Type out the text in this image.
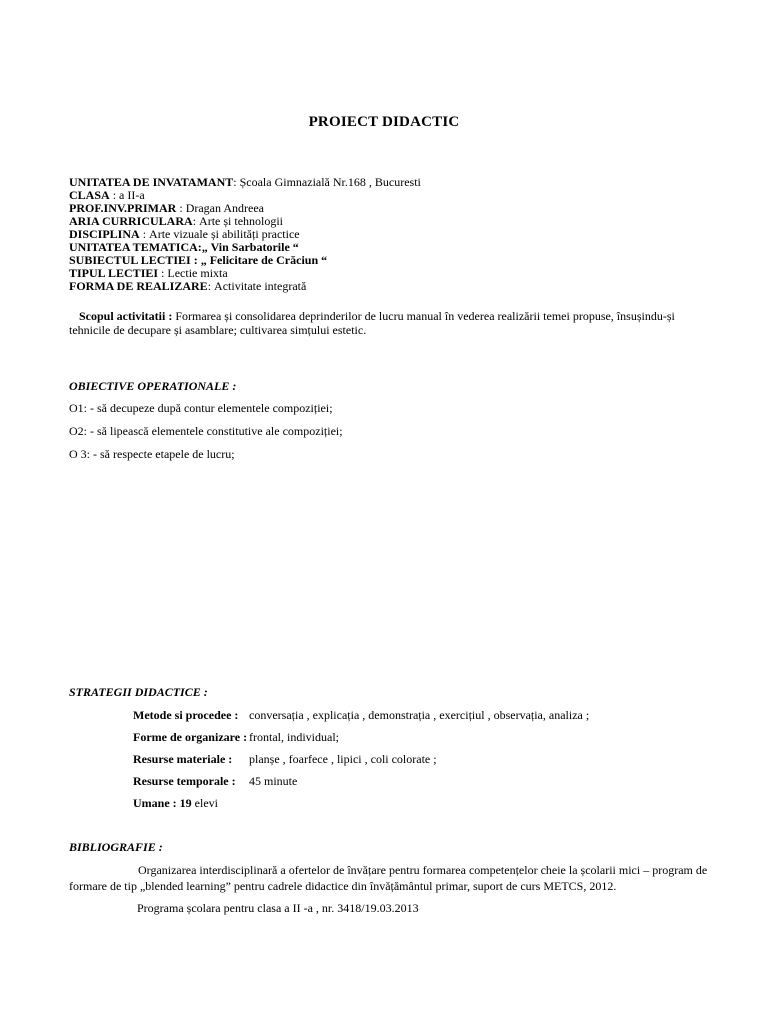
PROIECT DIDACTIC
UNITATEA DE INVATAMANT: Școala Gimnazială Nr.168 , Bucuresti
CLASA : a II-a
PROF.INV.PRIMAR : Dragan Andreea
ARIA CURRICULARA: Arte și tehnologii
DISCIPLINA : Arte vizuale și abilități practice
UNITATEA TEMATICA:„ Vin Sarbatorile “
SUBIECTUL LECTIEI : „ Felicitare de Crăciun “
TIPUL LECTIEI : Lectie mixta
FORMA DE REALIZARE: Activitate integrată
Scopul activitatii : Formarea și consolidarea deprinderilor de lucru manual în vederea realizării temei propuse, însușindu-și tehnicile de decupare și asamblare; cultivarea simțului estetic.
OBIECTIVE OPERATIONALE :
O1: - să decupeze după contur elementele compoziției;
O2: - să lipească elementele constitutive ale compoziției;
O 3: - să respecte etapele de lucru;
STRATEGII DIDACTICE :
Metode si procedee : conversația , explicația , demonstrația , exercițiul , observația, analiza ;
Forme de organizare : frontal, individual;
Resurse materiale : planșe , foarfece , lipici , coli colorate ;
Resurse temporale : 45 minute
Umane : 19 elevi
BIBLIOGRAFIE :
Organizarea interdisciplinară a ofertelor de învățare pentru formarea competențelor cheie la școlarii mici – program de formare de tip „blended learning” pentru cadrele didactice din învățământul primar, suport de curs METCS, 2012.
Programa școlara pentru clasa a II -a , nr. 3418/19.03.2013
